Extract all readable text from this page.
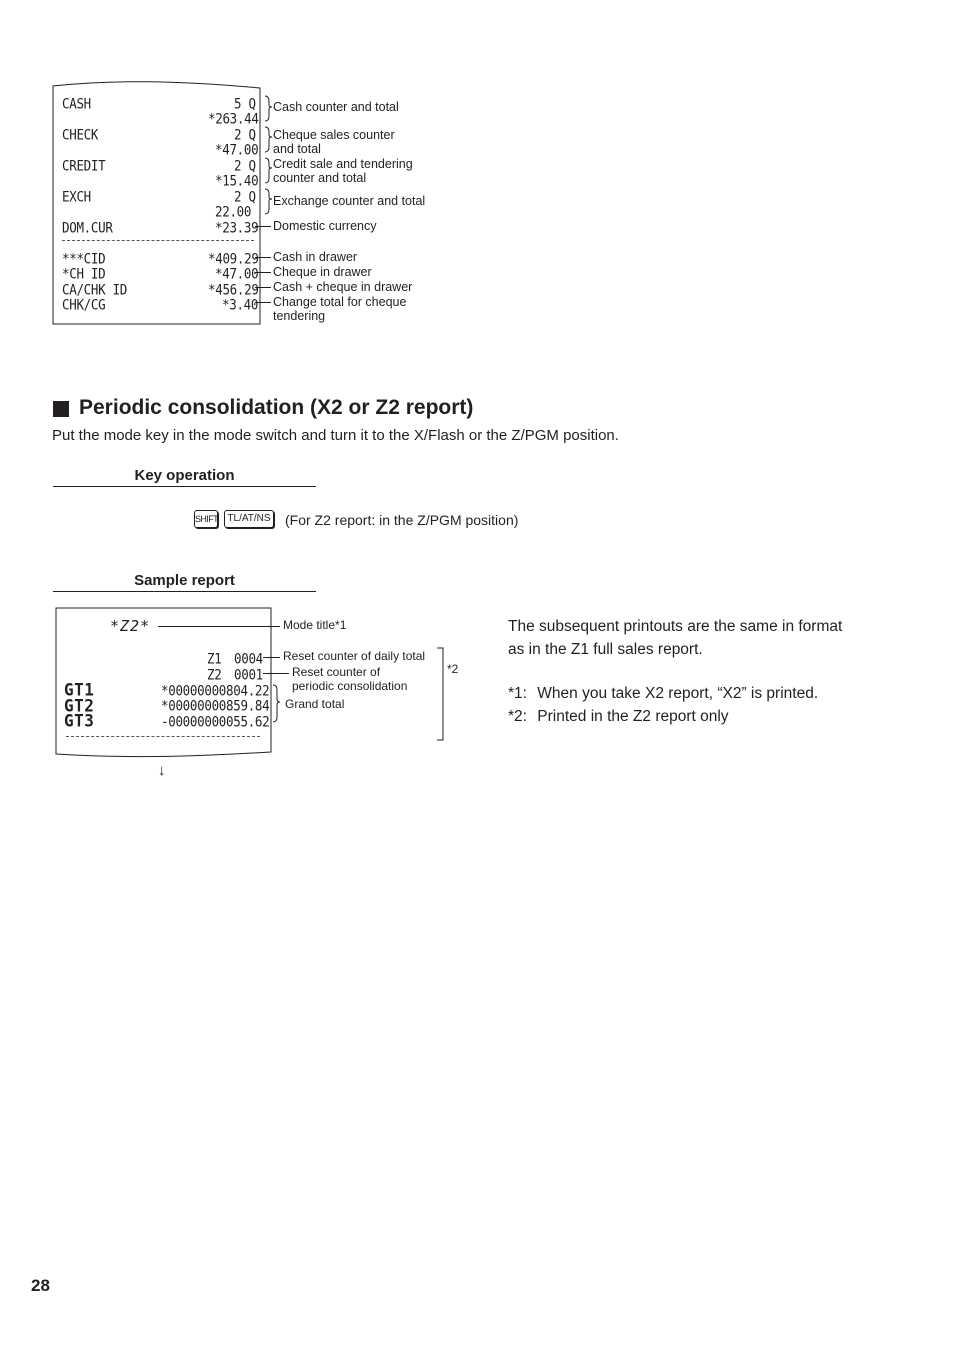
CASH	5 Q
*263.44
CHECK	2 Q
*47.00
CREDIT	2 Q
*15.40
EXCH	2 Q
22.00
DOM.CUR	*23.39
***CID	*409.29
*CH ID	*47.00
CA/CHK ID	*456.29
CHK/CG	*3.40
Cash counter and total
Cheque sales counter
and total
Credit sale and tendering
counter and total
Exchange counter and total
Domestic currency
Cash in drawer
Cheque in drawer
Cash + cheque in drawer
Change total for cheque
tendering
Periodic consolidation (X2 or Z2 report)

Put the mode key in the mode switch and turn it to the X/Flash or the Z/PGM position.

Key operation
SHIFT TL/AT/NS (For Z2 report: in the Z/PGM position)
Sample report
*Z2*
Z1 0004
Z2 0001
GT1	*00000000804.22
GT2	*00000000859.84
GT3	-00000000055.62
Mode title*1
Reset counter of daily total
Reset counter of
periodic consolidation
Grand total
*2
↓
The subsequent printouts are the same in format
as in the Z1 full sales report.
*1: When you take X2 report, “X2” is printed.
*2: Printed in the Z2 report only
28
